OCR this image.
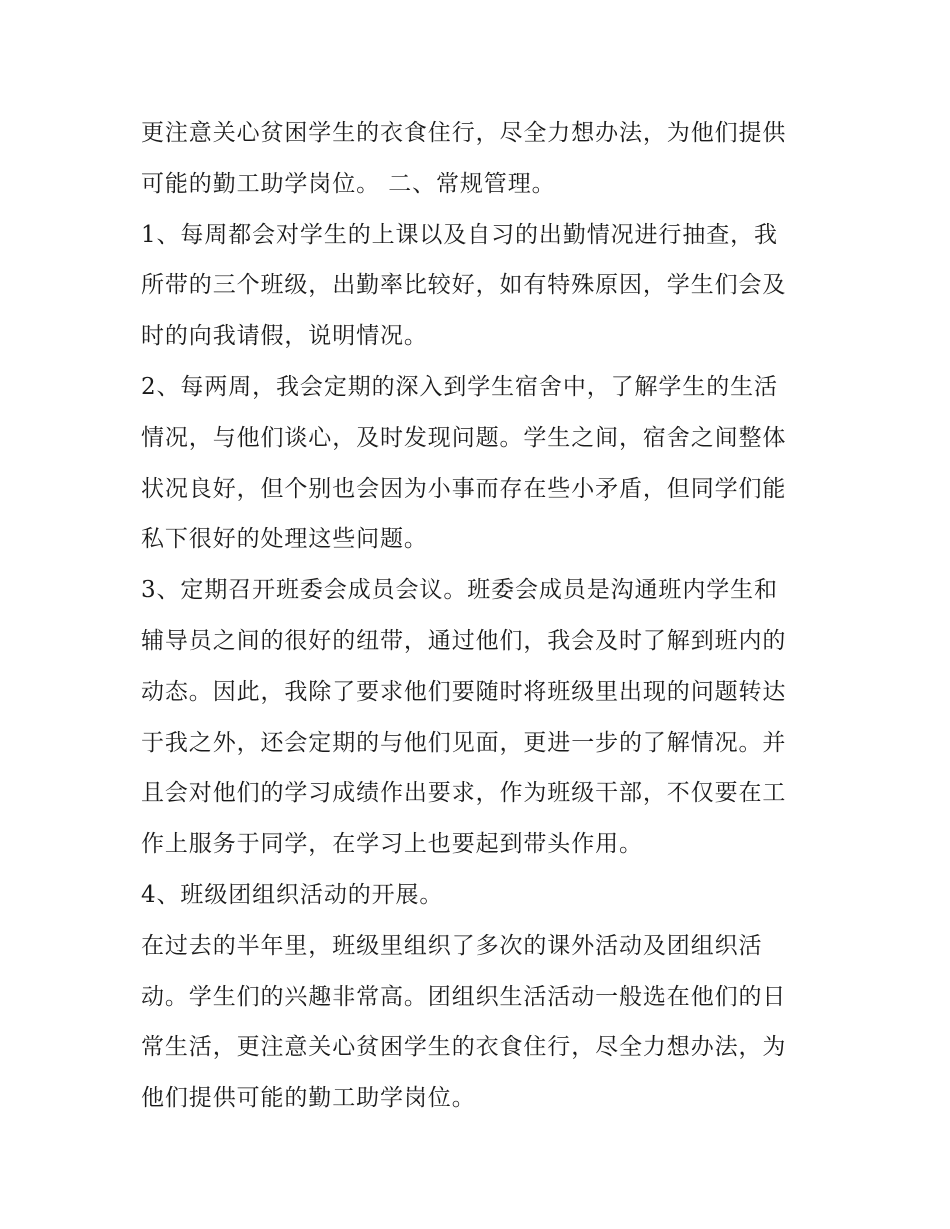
更注意关心贫困学生的衣食住行，尽全力想办法，为他们提供
可能的勤工助学岗位。 二、常规管理。
1、每周都会对学生的上课以及自习的出勤情况进行抽查，我
所带的三个班级，出勤率比较好，如有特殊原因，学生们会及
时的向我请假，说明情况。
2、每两周，我会定期的深入到学生宿舍中，了解学生的生活
情况，与他们谈心，及时发现问题。学生之间，宿舍之间整体
状况良好，但个别也会因为小事而存在些小矛盾，但同学们能
私下很好的处理这些问题。
3、定期召开班委会成员会议。班委会成员是沟通班内学生和
辅导员之间的很好的纽带，通过他们，我会及时了解到班内的
动态。因此，我除了要求他们要随时将班级里出现的问题转达
于我之外，还会定期的与他们见面，更进一步的了解情况。并
且会对他们的学习成绩作出要求，作为班级干部，不仅要在工
作上服务于同学，在学习上也要起到带头作用。
4、班级团组织活动的开展。
在过去的半年里，班级里组织了多次的课外活动及团组织活
动。学生们的兴趣非常高。团组织生活活动一般选在他们的日
常生活，更注意关心贫困学生的衣食住行，尽全力想办法，为
他们提供可能的勤工助学岗位。
